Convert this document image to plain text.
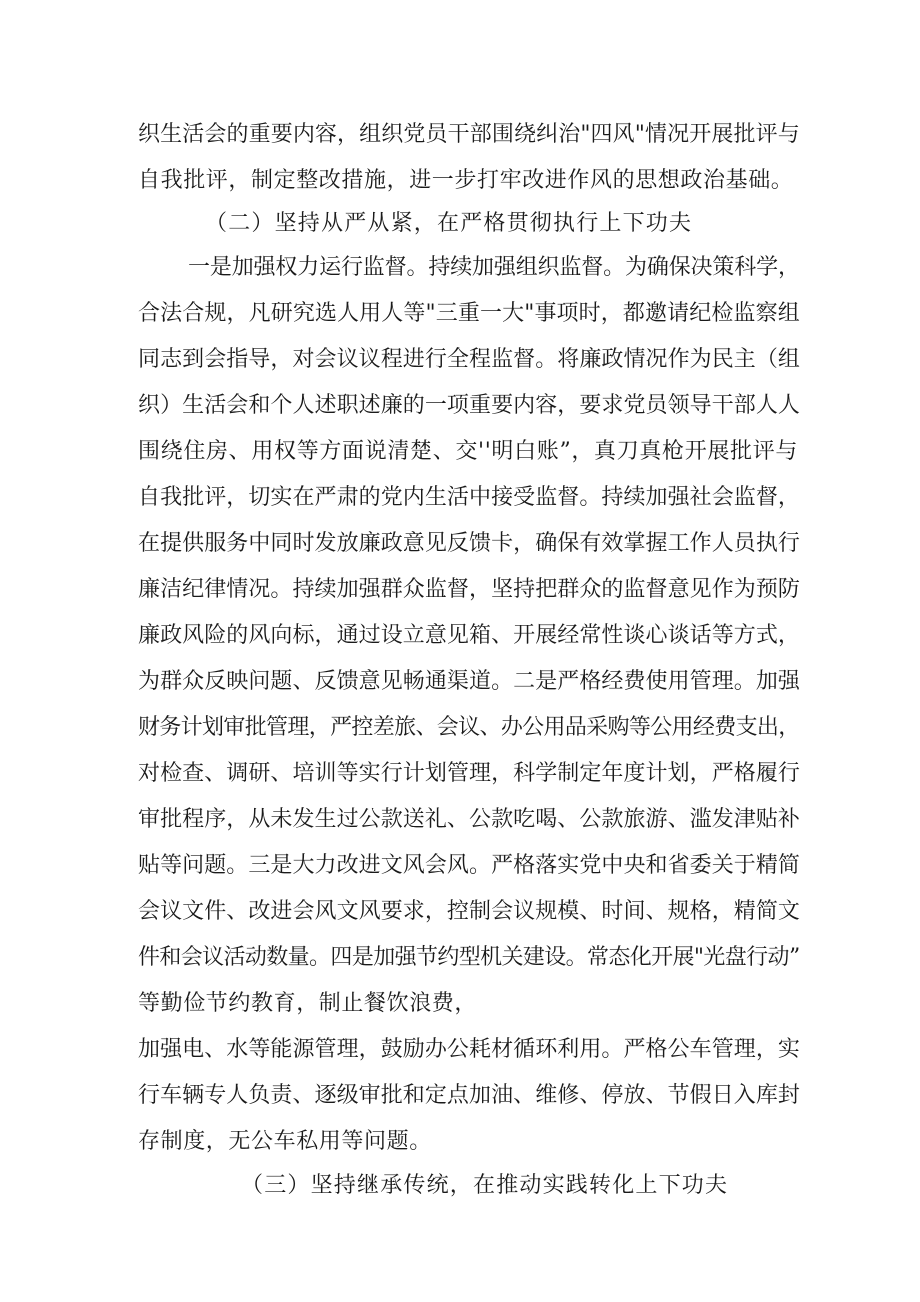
织生活会的重要内容，组织党员干部围绕纠治"四风"情况开展批评与
自我批评，制定整改措施，进一步打牢改进作风的思想政治基础。
（二）坚持从严从紧，在严格贯彻执行上下功夫
一是加强权力运行监督。持续加强组织监督。为确保决策科学，
合法合规，凡研究选人用人等"三重一大"事项时，都邀请纪检监察组
同志到会指导，对会议议程进行全程监督。将廉政情况作为民主（组
织）生活会和个人述职述廉的一项重要内容，要求党员领导干部人人
围绕住房、用权等方面说清楚、交''明白账”，真刀真枪开展批评与
自我批评，切实在严肃的党内生活中接受监督。持续加强社会监督，
在提供服务中同时发放廉政意见反馈卡，确保有效掌握工作人员执行
廉洁纪律情况。持续加强群众监督，坚持把群众的监督意见作为预防
廉政风险的风向标，通过设立意见箱、开展经常性谈心谈话等方式，
为群众反映问题、反馈意见畅通渠道。二是严格经费使用管理。加强
财务计划审批管理，严控差旅、会议、办公用品采购等公用经费支出，
对检查、调研、培训等实行计划管理，科学制定年度计划，严格履行
审批程序，从未发生过公款送礼、公款吃喝、公款旅游、滥发津贴补
贴等问题。三是大力改进文风会风。严格落实党中央和省委关于精简
会议文件、改进会风文风要求，控制会议规模、时间、规格，精简文
件和会议活动数量。四是加强节约型机关建设。常态化开展"光盘行动”
等勤俭节约教育，制止餐饮浪费，
加强电、水等能源管理，鼓励办公耗材循环利用。严格公车管理，实
行车辆专人负责、逐级审批和定点加油、维修、停放、节假日入库封
存制度，无公车私用等问题。
（三）坚持继承传统，在推动实践转化上下功夫
